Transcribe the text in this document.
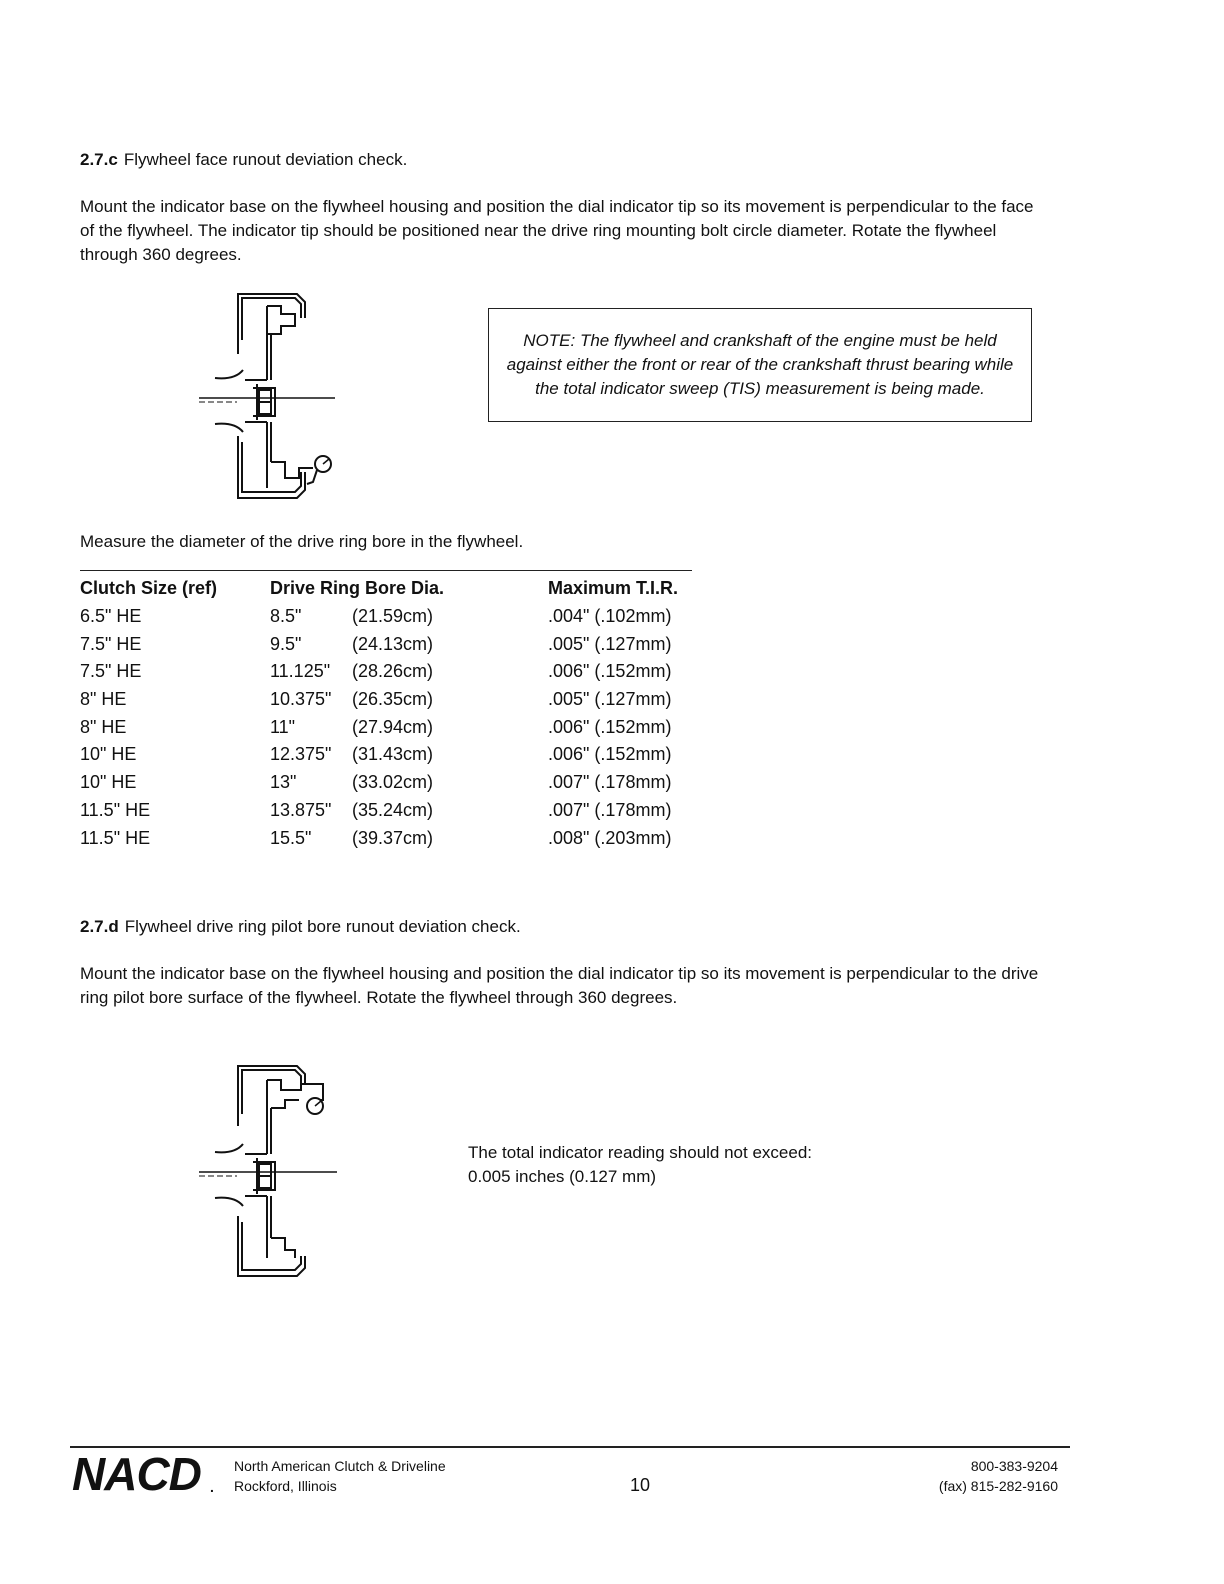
2.7.c Flywheel face runout deviation check.
Mount the indicator base on the flywheel housing and position the dial indicator tip so its movement is perpendicular to the face of the flywheel. The indicator tip should be positioned near the drive ring mounting bolt circle diameter. Rotate the flywheel through 360 degrees.
NOTE: The flywheel and crankshaft of the engine must be held against either the front or rear of the crankshaft thrust bearing while the total indicator sweep (TIS) measurement is being made.
Measure the diameter of the drive ring bore in the flywheel.
Clutch Size (ref)	Drive Ring Bore Dia.	Maximum T.I.R.
6.5" HE	8.5"	(21.59cm)	.004" (.102mm)
7.5" HE	9.5"	(24.13cm)	.005" (.127mm)
7.5" HE	11.125" (28.26cm)	.006" (.152mm)
8" HE	10.375" (26.35cm)	.005" (.127mm)
8" HE	11"	(27.94cm)	.006" (.152mm)
10" HE	12.375" (31.43cm)	.006" (.152mm)
10" HE	13"	(33.02cm)	.007" (.178mm)
11.5" HE	13.875" (35.24cm)	.007" (.178mm)
11.5" HE	15.5" (39.37cm)	.008" (.203mm)
2.7.d Flywheel drive ring pilot bore runout deviation check.
Mount the indicator base on the flywheel housing and position the dial indicator tip so its movement is perpendicular to the drive ring pilot bore surface of the flywheel. Rotate the flywheel through 360 degrees.
The total indicator reading should not exceed:
0.005 inches (0.127 mm)
NACD .
North American Clutch & Driveline
Rockford, Illinois	10
800-383-9204
(fax) 815-282-9160
